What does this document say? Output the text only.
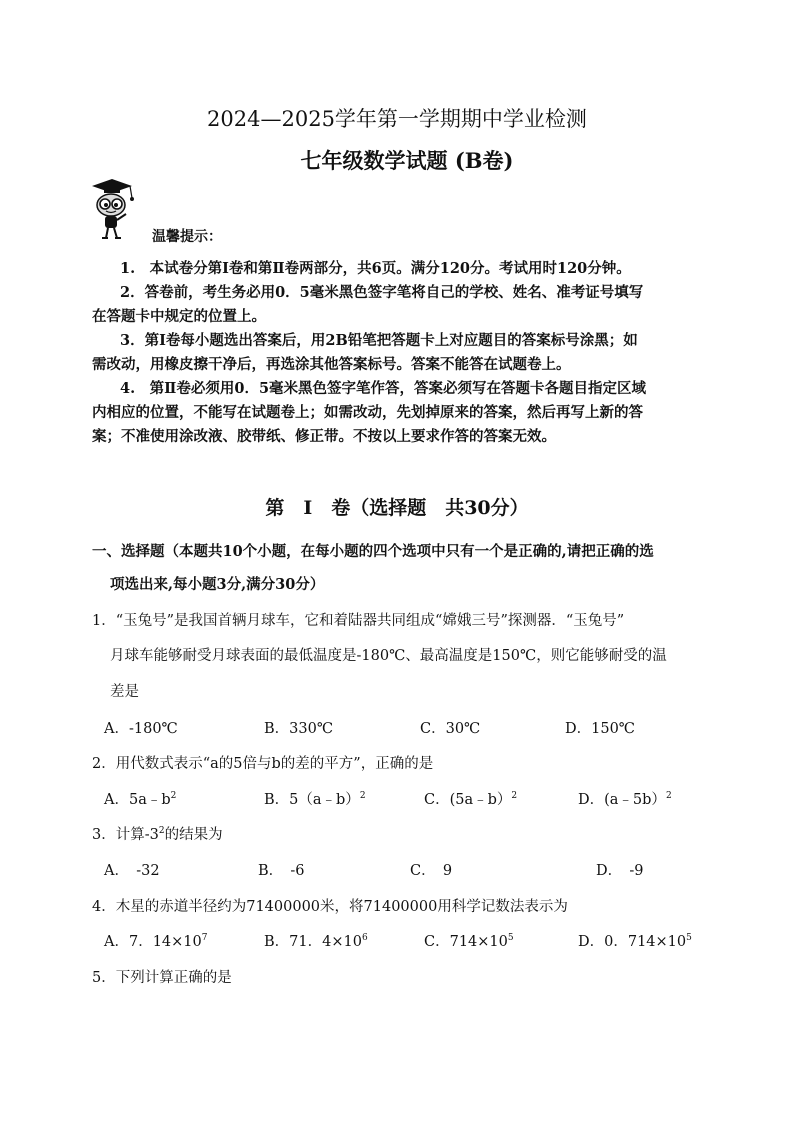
2024—2025学年第一学期期中学业检测
七年级数学试题 (B卷)
温馨提示：
1.　本试卷分第Ⅰ卷和第Ⅱ卷两部分，共6页。满分120分。考试用时120分钟。
2．答卷前，考生务必用0．5毫米黑色签字笔将自己的学校、姓名、准考证号填写
在答题卡中规定的位置上。
3．第Ⅰ卷每小题选出答案后，用2B铅笔把答题卡上对应题目的答案标号涂黑；如
需改动，用橡皮擦干净后，再选涂其他答案标号。答案不能答在试题卷上。
4.　第Ⅱ卷必须用0．5毫米黑色签字笔作答，答案必须写在答题卡各题目指定区域
内相应的位置，不能写在试题卷上；如需改动，先划掉原来的答案，然后再写上新的答
案；不准使用涂改液、胶带纸、修正带。不按以上要求作答的答案无效。
第　Ⅰ　卷（选择题　共30分）
一、选择题（本题共10个小题，在每小题的四个选项中只有一个是正确的,请把正确的选
项选出来,每小题3分,满分30分）
1．“玉兔号”是我国首辆月球车，它和着陆器共同组成“嫦娥三号”探测器．“玉兔号”
月球车能够耐受月球表面的最低温度是-180℃、最高温度是150℃，则它能够耐受的温
差是
A．-180℃	B．330℃	C．30℃	D．150℃
2．用代数式表示“a的5倍与b的差的平方”，正确的是
A．$5a﹣b^2$	B．5（a﹣b）$^2$	C．(5a﹣b）$^2$	D．(a﹣5b）$^2$
3．计算$-3^2$的结果为
A．　-32	B．　-6	C．　9	D．　-9
4．木星的赤道半径约为71400000米，将71400000用科学记数法表示为
A．7．$14\times 10^7$	B．71．$4\times 10^6$	C．$714\times 10^5$	D．0．$714\times 10^5$
5．下列计算正确的是
